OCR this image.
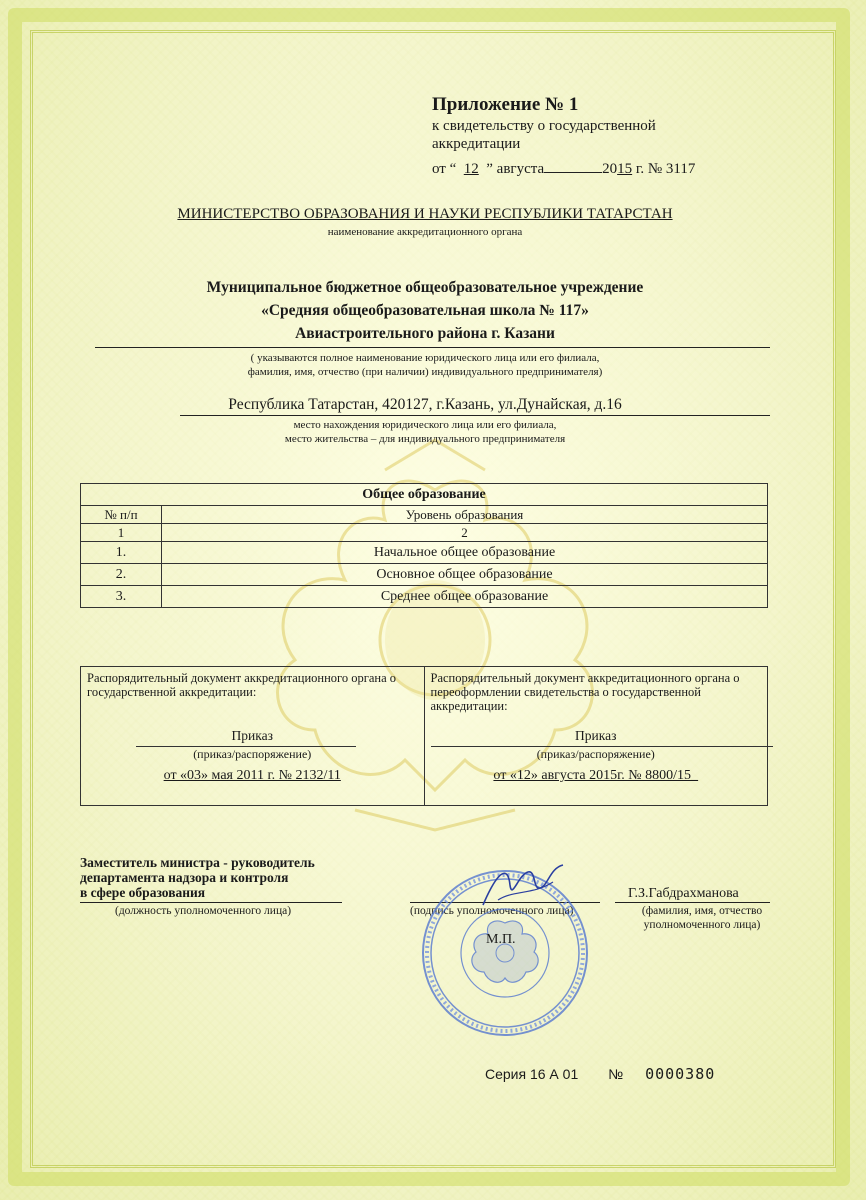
Приложение № 1
к свидетельству о государственной
аккредитации
от “ 12 ” августа	2015 г. № 3117
МИНИСТЕРСТВО ОБРАЗОВАНИЯ И НАУКИ РЕСПУБЛИКИ ТАТАРСТАН
наименование аккредитационного органа
Муниципальное бюджетное общеобразовательное учреждение
«Средняя общеобразовательная школа № 117»
Авиастроительного района г. Казани
( указываются полное наименование юридического лица или его филиала,
фамилия, имя, отчество (при наличии) индивидуального предпринимателя)
Республика Татарстан, 420127, г.Казань, ул.Дунайская, д.16
место нахождения юридического лица или его филиала,
место жительства – для индивидуального предпринимателя
Общее образование	
№ п/п	Уровень образования
1	2
1.	Начальное общее образование
2.	Основное общее образование
3.	Среднее общее образование
Распорядительный документ аккредитационного органа о государственной аккредитации:
Приказ
(приказ/распоряжение)
от «03» мая 2011 г. № 2132/11
Распорядительный документ аккредитационного органа о переоформлении свидетельства о государственной аккредитации:
Приказ
(приказ/распоряжение)
от «12» августа 2015г. № 8800/15_
Заместитель министра - руководитель
департамента надзора и контроля
в сфере образования
(должность уполномоченного лица)	(подпись уполномоченного лица)
Г.З.Габдрахманова
(фамилия, имя, отчество
уполномоченного лица)
М.П.
Серия 16 А 01 № 0000380
